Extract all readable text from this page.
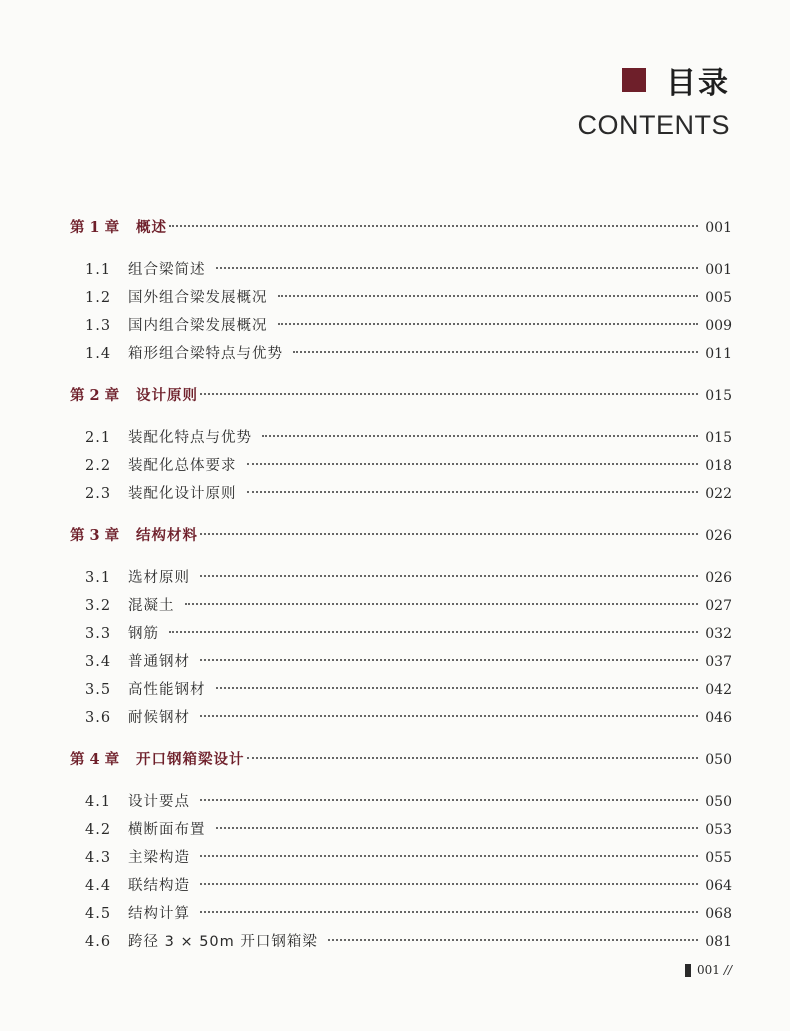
目录
CONTENTS
第 1 章	概述	001
1.1	组合梁简述	001
1.2	国外组合梁发展概况	005
1.3	国内组合梁发展概况	009
1.4	箱形组合梁特点与优势	011
第 2 章	设计原则	015
2.1	装配化特点与优势	015
2.2	装配化总体要求	018
2.3	装配化设计原则	022
第 3 章	结构材料	026
3.1	选材原则	026
3.2	混凝土	027
3.3	钢筋	032
3.4	普通钢材	037
3.5	高性能钢材	042
3.6	耐候钢材	046
第 4 章	开口钢箱梁设计	050
4.1	设计要点	050
4.2	横断面布置	053
4.3	主梁构造	055
4.4	联结构造	064
4.5	结构计算	068
4.6	跨径 3 × 50m 开口钢箱梁	081
001 //
